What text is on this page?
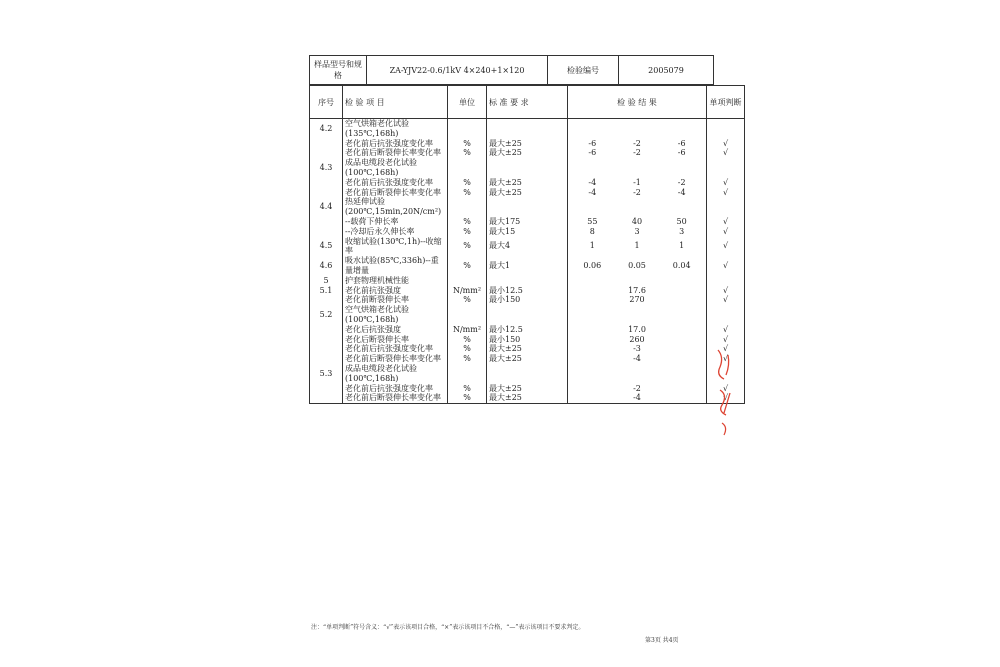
样品型号和规格	ZA-YJV22-0.6/1kV 4×240+1×120	检验编号	2005079
序号	检 验 项 目	单位	标 准 要 求	检 验 结 果	单项判断
4.2	空气烘箱老化试验(135℃,168h)			

	老化前后抗张强度变化率	%	最大±25	-6 -2 -6	√
	老化前后断裂伸长率变化率	%	最大±25	-6 -2 -6	√
4.3	成品电缆段老化试验(100℃,168h)			

	老化前后抗张强度变化率	%	最大±25	-4 -1 -2	√
	老化前后断裂伸长率变化率	%	最大±25	-4 -2 -4	√
4.4	热延伸试验(200℃,15min,20N/cm²)			

	--载荷下伸长率	%	最大175	55 40 50	√
	--冷却后永久伸长率	%	最大15	8 3 3	√
4.5	收缩试验(130℃,1h)--收缩率	%	最大4	1 1 1	√
4.6	吸水试验(85℃,336h)--重量增量	%	最大1	0.06 0.05 0.04	√
5	护套物理机械性能			

5.1	老化前抗张强度	N/mm²	最小12.5	17.6	√
	老化前断裂伸长率	%	最小150	270	√
5.2	空气烘箱老化试验(100℃,168h)			

	老化后抗张强度	N/mm²	最小12.5	17.0	√
	老化后断裂伸长率	%	最小150	260	√
	老化前后抗张强度变化率	%	最大±25	-3	√
	老化前后断裂伸长率变化率	%	最大±25	-4	√
5.3	成品电缆段老化试验(100℃,168h)			

	老化前后抗张强度变化率	%	最大±25	-2	√
	老化前后断裂伸长率变化率	%	最大±25	-4	√
注：“单项判断”符号含义：“√”表示该项目合格，“×”表示该项目不合格，“—”表示该项目不要求判定。
第3页 共4页
